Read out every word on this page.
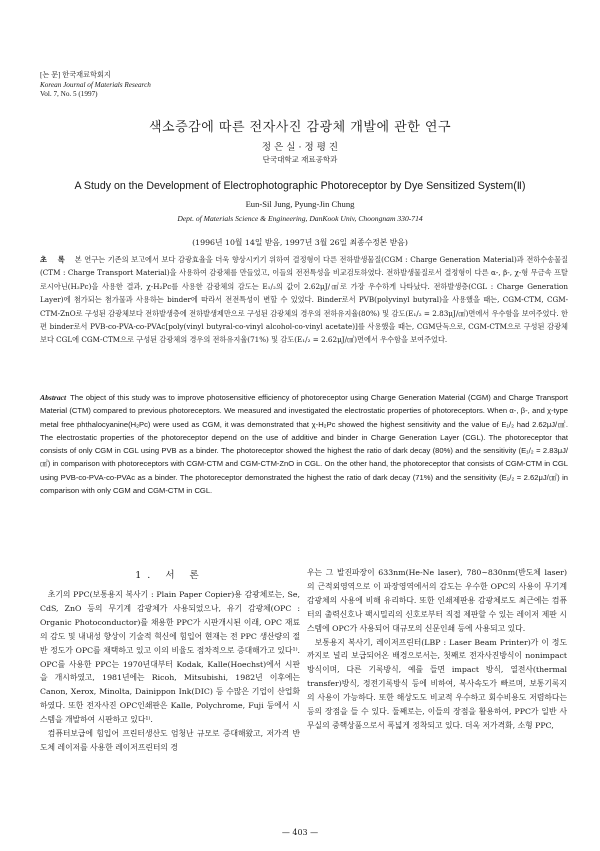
[논 문] 한국재료학회지
Korean Journal of Materials Research
Vol. 7, No. 5 (1997)
색소증감에 따른 전자사진 감광체 개발에 관한 연구
정 은 실 · 정 평 진
단국대학교 재료공학과
A Study on the Development of Electrophotographic Photoreceptor by Dye Sensitized System(Ⅱ)
Eun-Sil Jung, Pyung-Jin Chung
Dept. of Materials Science & Engineering, DanKook Univ, Choongnam 330-714
(1996년 10월 14일 받음, 1997년 3월 26일 최종수정본 받음)
초 록 본 연구는 기존의 보고에서 보다 감광효율을 더욱 향상시키기 위하여 결정형이 다른 전하발생물질(CGM : Charge Generation Material)과 전하수송물질(CTM : Charge Transport Material)을 사용하여 감광체를 만들었고, 이들의 전전특성을 비교검토하였다. 전하발생물질로서 결정형이 다른 α-, β-, χ-형 무금속 프탈로시아닌(H₂Pc)을 사용한 결과, χ-H₂Pc를 사용한 감광체의 감도는 E₁/₂의 값이 2.62μJ/㎠로 가장 우수하게 나타났다. 전하발생층(CGL : Charge Generation Layer)에 첨가되는 첨가물과 사용하는 binder에 따라서 전전특성이 변할 수 있었다. Binder로서 PVB(polyvinyl butyral)을 사용했을 때는, CGM-CTM, CGM-CTM-ZnO로 구성된 감광체보다 전하발생층에 전하발생제만으로 구성된 감광체의 경우의 전하유지율(80%) 및 감도(E₁/₂ = 2.83μJ/㎠)면에서 우수함을 보여주었다. 한편 binder로서 PVB-co-PVA-co-PVAc[poly(vinyl butyral-co-vinyl alcohol-co-vinyl acetate)]를 사용했을 때는, CGM단독으로, CGM-CTM으로 구성된 감광체보다 CGL에 CGM-CTM으로 구성된 감광체의 경우의 전하유지율(71%) 및 감도(E₁/₂ = 2.62μJ/㎠)면에서 우수함을 보여주었다.
Abstract The object of this study was to improve photosensitive efficiency of photoreceptor using Charge Generation Material (CGM) and Charge Transport Material (CTM) compared to previous photoreceptors. We measured and investigated the electrostatic properties of photoreceptors. When α-, β-, and χ-type metal free phthalocyanine(H₂Pc) were used as CGM, it was demonstrated that χ-H₂Pc showed the highest sensitivity and the value of E₁/₂ had 2.62μJ/㎠. The electrostatic properties of the photoreceptor depend on the use of additive and binder in Charge Generation Layer (CGL). The photoreceptor that consists of only CGM in CGL using PVB as a binder. The photoreceptor showed the highest the ratio of dark decay (80%) and the sensitivity (E₁/₂ = 2.83μJ/㎠) in comparison with photoreceptors with CGM-CTM and CGM-CTM-ZnO in CGL. On the other hand, the photoreceptor that consists of CGM-CTM in CGL using PVB-co-PVA-co-PVAc as a binder. The photoreceptor demonstrated the highest the ratio of dark decay (71%) and the sensitivity (E₁/₂ = 2.62μJ/㎠) in comparison with only CGM and CGM-CTM in CGL.
1. 서 론

초기의 PPC(보통용지 복사기 : Plain Paper Copier)용 감광체로는, Se, CdS, ZnO 등의 무기계 감광체가 사용되었으나, 유기 감광체(OPC : Organic Photoconductor)를 채용한 PPC가 시판개시된 이래, OPC 재료의 감도 및 내내성 향상이 기술적 혁신에 힘입어 현재는 전 PPC 생산량의 절반 정도가 OPC를 채택하고 있고 이의 비율도 점차적으로 증대해가고 있다¹⁾. OPC를 사용한 PPC는 1970년대부터 Kodak, Kalle(Hoechst)에서 시판을 개시하였고, 1981년에는 Ricoh, Mitsubishi, 1982년 이후에는 Canon, Xerox, Minolta, Dainippon Ink(DIC) 등 수많은 기업이 산업화하였다. 또한 전자사진 OPC인쇄판은 Kalle, Polychrome, Fuji 등에서 시스템을 개발하여 시판하고 있다¹⁾.

컴퓨터보급에 힘입어 프린터생산도 엄청난 규모로 증대해왔고, 저가격 반도체 레이저를 사용한 레이저프린터의 경

우는 그 발진파장이 633nm(He-Ne laser), 780~830nm(반도체 laser)의 근적외영역으로 이 파장영역에서의 감도는 우수한 OPC의 사용이 무기계 감광체의 사용에 비해 유리하다. 또한 인쇄제판용 감광체로도 최근에는 컴퓨터의 출력신호나 팩시밀리의 신호로부터 직접 제판할 수 있는 레이저 제판 시스템에 OPC가 사용되어 대규모의 신문인쇄 등에 사용되고 있다.

보통용지 복사기, 레이저프린터(LBP : Laser Beam Printer)가 이 정도까지로 널리 보급되어온 배경으로서는, 첫째로 전자사진방식이 nonimpact 방식이며, 다른 기록방식, 예를 들면 impact 방식, 열전사(thermal transfer)방식, 정전기록방식 등에 비하여, 복사속도가 빠르며, 보통기록지의 사용이 가능하다. 또한 해상도도 비교적 우수하고 회수비용도 저렴하다는 등의 장점을 들 수 있다. 둘째로는, 이들의 장점을 활용하여, PPC가 일반 사무실의 중핵상품으로서 폭넓게 정착되고 있다. 더욱 저가격화, 소형 PPC,

— 403 —
